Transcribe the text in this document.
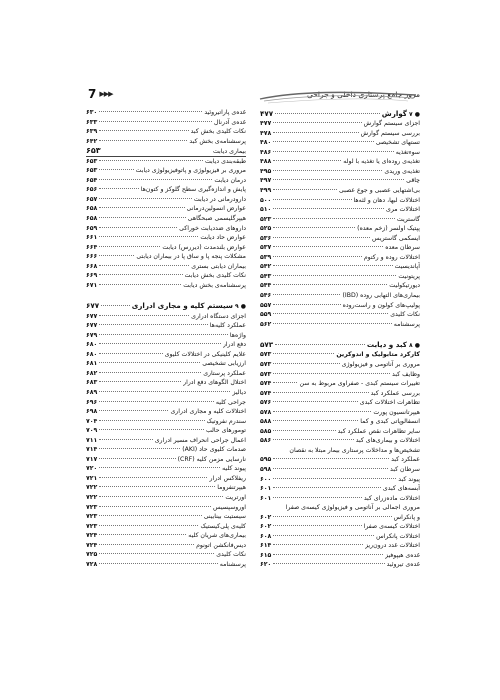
7 ▶▶▶	مرور جامع پرستاری داخلی و جراحی
● ۷گوارش
۴۷۷
اجزای سیستم گوارش
۴۷۷
بررسی سیستم گوارش
۴۷۸
تستهای تشخیصی
۴۸۰
سوءتغذیه
۴۸۶
تغذیه‌ی روده‌ای یا تغذیه با لوله
۴۸۸
تغذیه‌ی وریدی
۴۹۵
چاقی
۴۹۷
بی‌اشتهایی عصبی و جوع عصبی
۴۹۹
اختلالات لبها، دهان و لثه‌ها
۵۰۰
اختلالات مری
۵۱۰
گاستریت
۵۲۳
پپتیک اولسر (زخم معده)
۵۲۵
ایسکمی گاستریس
۵۳۶
سرطان معده
۵۳۷
اختلالات روده و رکتوم
۵۳۹
آپاندیسیت
۵۴۲
پریتونیت
۵۴۳
دیورتیکولیت
۵۴۴
بیماری‌های التهابی روده (IBD)
۵۴۶
پولیپ‌های کولون و راست‌روده
۵۵۷
نکات کلیدی
۵۵۹
پرسشنامه
۵۶۲
● ۸کبد و دیابت
۵۷۳
کارکرد متابولیک و اندوکرین
۵۷۳
مروری بر آناتومی و فیزیولوژی
۵۷۳
وظایف کبد
۵۷۳
تغییرات سیستم کبدی - صفراوی مربوط به سن
۵۷۴
بررسی عملکرد کبد
۵۷۴
تظاهرات اختلالات کبدی
۵۷۶
هیپرتانسیون پورت
۵۷۸
انسفالوپاتی کبدی و کما
۵۸۸
سایر تظاهرات نقص عملکرد کبد
۵۸۵
اختلالات و بیماری‌های کبد
۵۸۶
تشخیص‌ها و مداخلات پرستاری بیمار مبتلا به نقصان
عملکرد کبد
۵۹۵
سرطان کبد
۵۹۸
پیوند کبد
۶۰۰
آبسه‌های کبدی
۶۰۱
اختلالات ماده‌زرای کبد
۶۰۱
مروری اجمالی بر آناتومی و فیزیولوژی کیسه‌ی صفرا
و پانکراس
۶۰۲
اختلالات کیسه‌ی صفرا
۶۰۲
اختلالات پانکراس
۶۰۸
اختلالات غدد درون‌ریز
۶۱۴
غده‌ی هیپوفیز
۶۱۵
غده‌ی تیروئید
۶۲۰
غده‌ی پاراتیروئید
۶۳۰
غده‌ی آدرنال
۶۳۳
نکات کلیدی بخش کبد
۶۳۹
پرسشنامه‌ی بخش کبد
۶۴۲
بیماری دیابت
۶۵۳
طبقه‌بندی دیابت
۶۵۳
مروری بر فیزیولوژی و پاتوفیزیولوژی دیابت
۶۵۳
درمان دیابت
۶۵۴
پایش و اندازه‌گیری سطح گلوکز و کتون‌ها
۶۵۶
دارودرمانی در دیابت
۶۵۷
عوارض انسولین‌درمانی
۶۵۸
هیپرگلیسمی صبحگاهی
۶۵۸
داروهای ضددیابت خوراکی
۶۵۹
عوارض حاد دیابت
۶۶۱
عوارض بلندمدت (دیررس) دیابت
۶۶۴
مشکلات پنجه پا و ساق پا در بیماران دیابتی
۶۶۶
بیماران دیابتی بستری
۶۶۸
نکات کلیدی بخش دیابت
۶۶۹
پرسشنامه‌ی بخش دیابت
۶۷۱
● ۹سیستم کلیه و مجاری ادراری
۶۷۷
اجزای دستگاه ادراری
۶۷۷
عملکرد کلیه‌ها
۶۷۷
واژه‌ها
۶۷۹
دفع ادرار
۶۸۰
علایم کلینیکی در اختلالات کلیوی
۶۸۰
ارزیابی تشخیصی
۶۸۱
عملکرد پرستاری
۶۸۲
اختلال الگوهای دفع ادرار
۶۸۳
دیالیز
۶۸۹
جراحی کلیه
۶۹۶
اختلالات کلیه و مجاری ادراری
۶۹۸
سندرم نفروتیک
۷۰۴
تومورهای حالب
۷۰۹
اعمال جراحی انحراف مسیر ادراری
۷۱۱
صدمات کلیوی حاد (AKI)
۷۱۴
نارسایی مزمن کلیه (CRF)
۷۱۷
پیوند کلیه
۷۲۰
ریفلاکس ادرار
۷۲۱
هیپرتنفروما
۷۲۲
اورتریت
۷۲۲
اوروسپسیس
۷۲۳
سیستیت بینابینی
۷۲۳
کلیه‌ی پلی‌کیستیک
۷۲۳
بیماری‌های شریان کلیه
۷۲۴
دیس‌فانکشن اتونوم
۷۲۴
نکات کلیدی
۷۲۵
پرسشنامه
۷۲۸
